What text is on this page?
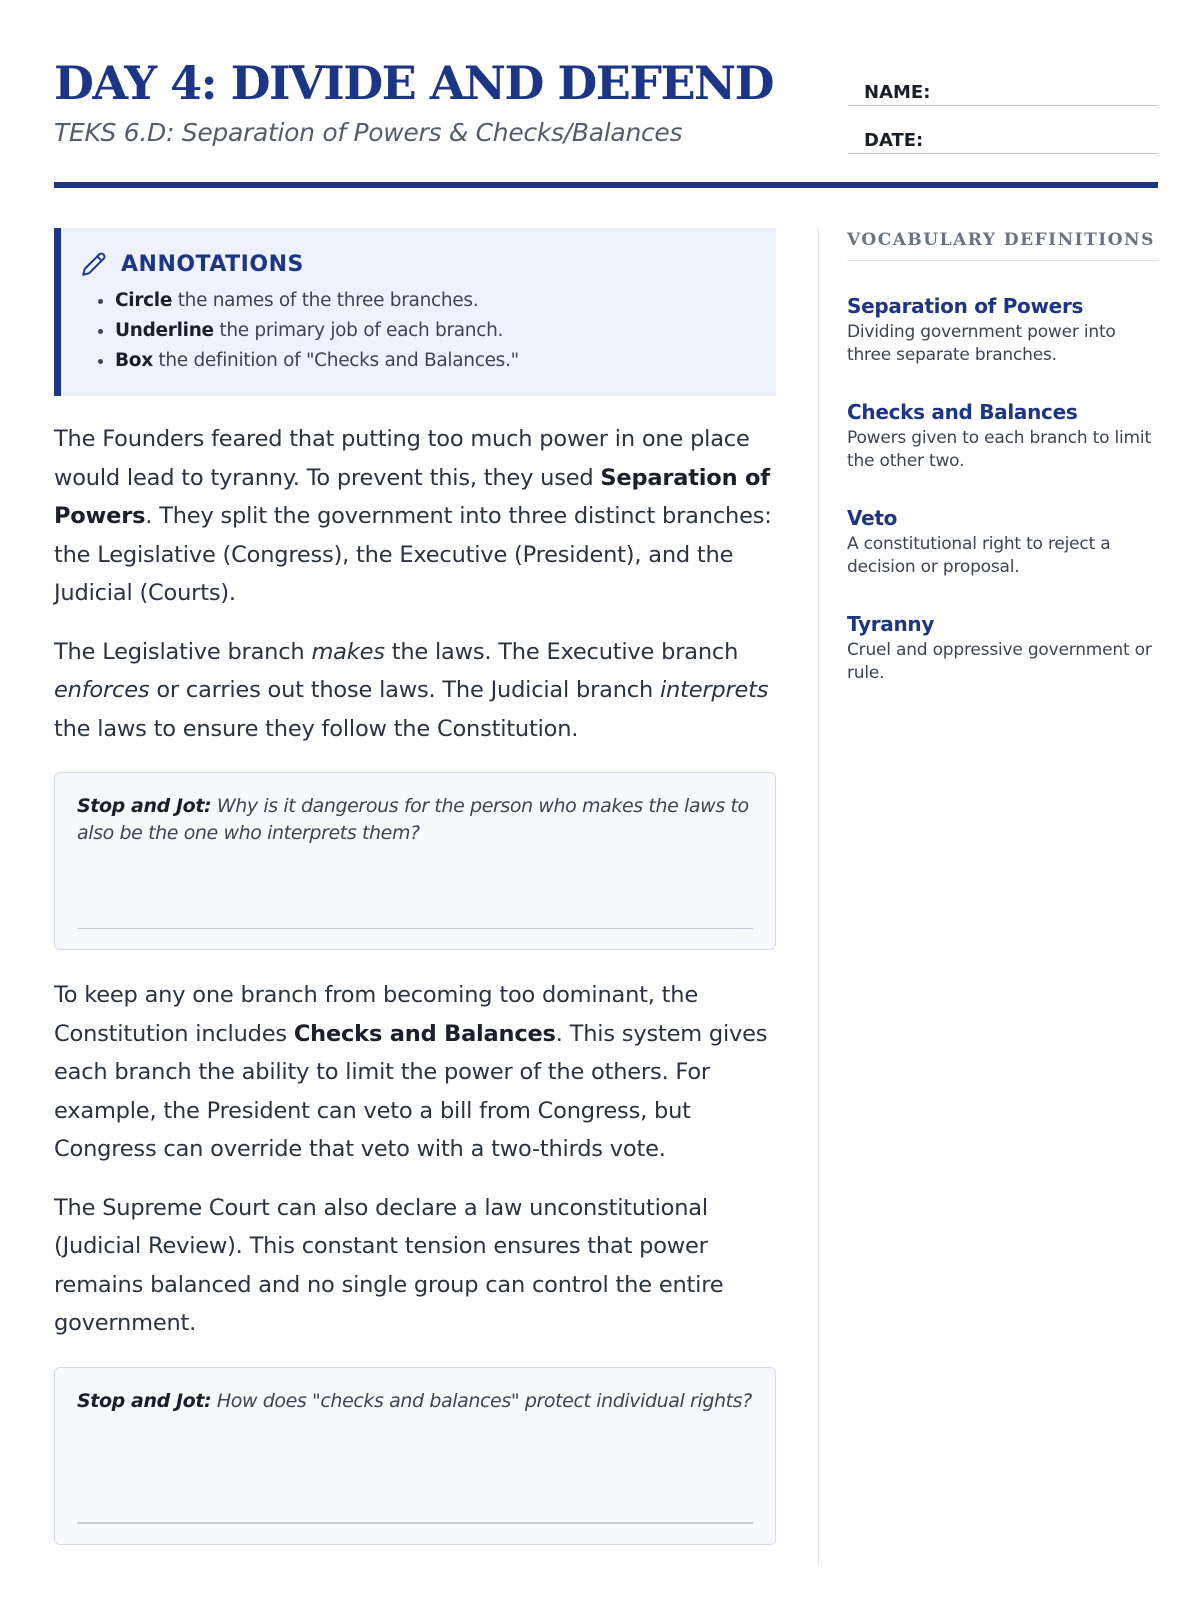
DAY 4: DIVIDE AND DEFEND

TEKS 6.D: Separation of Powers & Checks/Balances

NAME:
DATE:
ANNOTATIONS
• Circle the names of the three branches.
• Underline the primary job of each branch.
• Box the definition of "Checks and Balances."

The Founders feared that putting too much power in one place would lead to tyranny. To prevent this, they used Separation of Powers. They split the government into three distinct branches: the Legislative (Congress), the Executive (President), and the Judicial (Courts).

The Legislative branch makes the laws. The Executive branch enforces or carries out those laws. The Judicial branch interprets the laws to ensure they follow the Constitution.

Stop and Jot: Why is it dangerous for the person who makes the laws to also be the one who interprets them?

To keep any one branch from becoming too dominant, the Constitution includes Checks and Balances. This system gives each branch the ability to limit the power of the others. For example, the President can veto a bill from Congress, but Congress can override that veto with a two-thirds vote.

The Supreme Court can also declare a law unconstitutional (Judicial Review). This constant tension ensures that power remains balanced and no single group can control the entire government.

Stop and Jot: How does "checks and balances" protect individual rights?

VOCABULARY DEFINITIONS
Separation of Powers
Dividing government power into three separate branches.
Checks and Balances
Powers given to each branch to limit the other two.
Veto
A constitutional right to reject a decision or proposal.
Tyranny
Cruel and oppressive government or rule.
